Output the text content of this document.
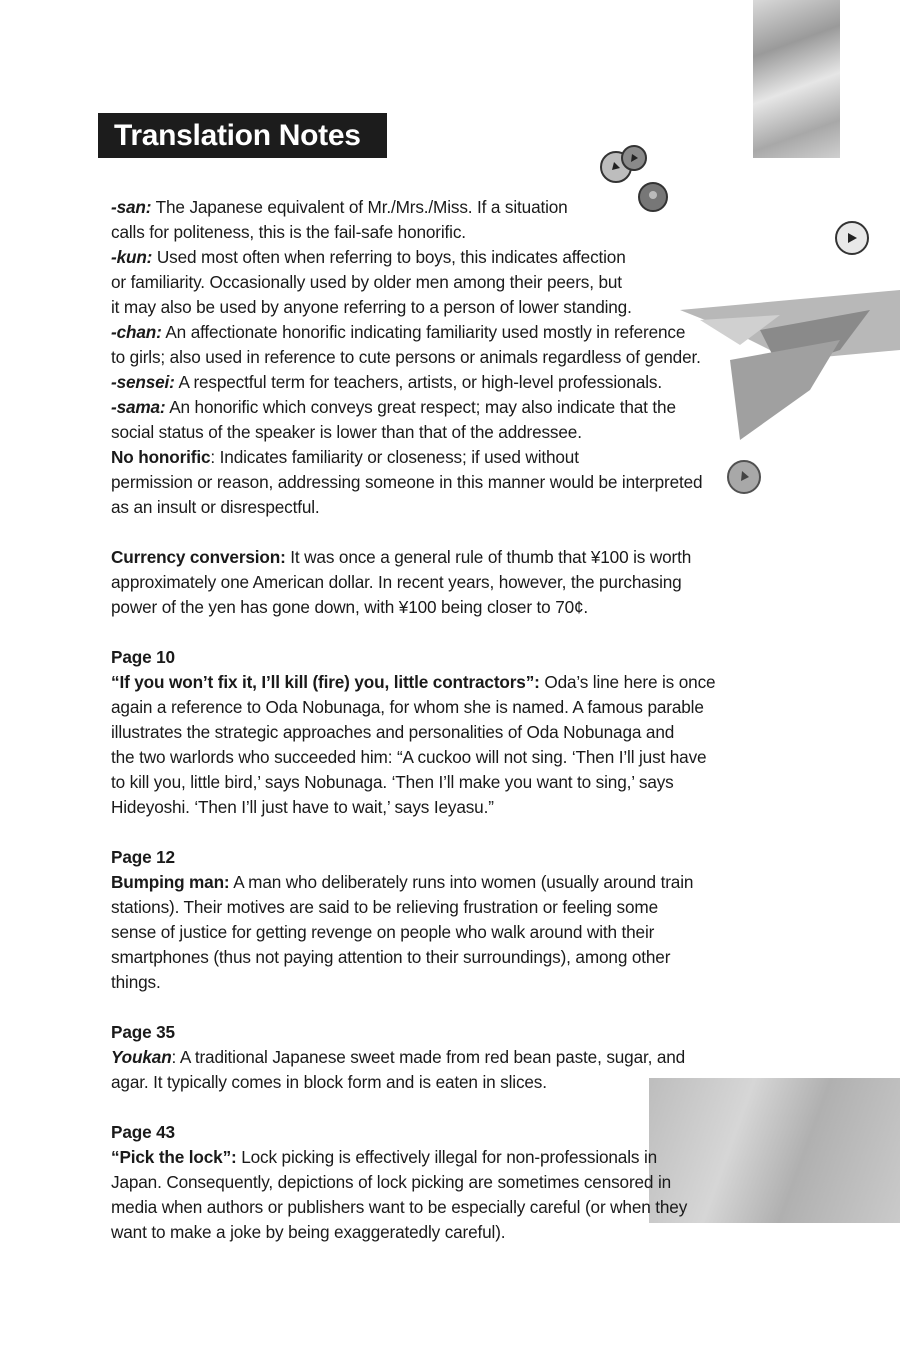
Translation Notes
-san: The Japanese equivalent of Mr./Mrs./Miss. If a situation
calls for politeness, this is the fail-safe honorific.
-kun: Used most often when referring to boys, this indicates affection
or familiarity. Occasionally used by older men among their peers, but
it may also be used by anyone referring to a person of lower standing.
-chan: An affectionate honorific indicating familiarity used mostly in reference
to girls; also used in reference to cute persons or animals regardless of gender.
-sensei: A respectful term for teachers, artists, or high-level professionals.
-sama: An honorific which conveys great respect; may also indicate that the
social status of the speaker is lower than that of the addressee.
No honorific: Indicates familiarity or closeness; if used without
permission or reason, addressing someone in this manner would be interpreted
as an insult or disrespectful.
Currency conversion: It was once a general rule of thumb that ¥100 is worth
approximately one American dollar. In recent years, however, the purchasing
power of the yen has gone down, with ¥100 being closer to 70¢.
Page 10
“If you won’t fix it, I’ll kill (fire) you, little contractors”: Oda’s line here is once
again a reference to Oda Nobunaga, for whom she is named. A famous parable
illustrates the strategic approaches and personalities of Oda Nobunaga and
the two warlords who succeeded him: “A cuckoo will not sing. ‘Then I’ll just have
to kill you, little bird,’ says Nobunaga. ‘Then I’ll make you want to sing,’ says
Hideyoshi. ‘Then I’ll just have to wait,’ says Ieyasu.”
Page 12
Bumping man: A man who deliberately runs into women (usually around train
stations). Their motives are said to be relieving frustration or feeling some
sense of justice for getting revenge on people who walk around with their
smartphones (thus not paying attention to their surroundings), among other
things.
Page 35
Youkan: A traditional Japanese sweet made from red bean paste, sugar, and
agar. It typically comes in block form and is eaten in slices.
Page 43
“Pick the lock”: Lock picking is effectively illegal for non-professionals in
Japan. Consequently, depictions of lock picking are sometimes censored in
media when authors or publishers want to be especially careful (or when they
want to make a joke by being exaggeratedly careful).
